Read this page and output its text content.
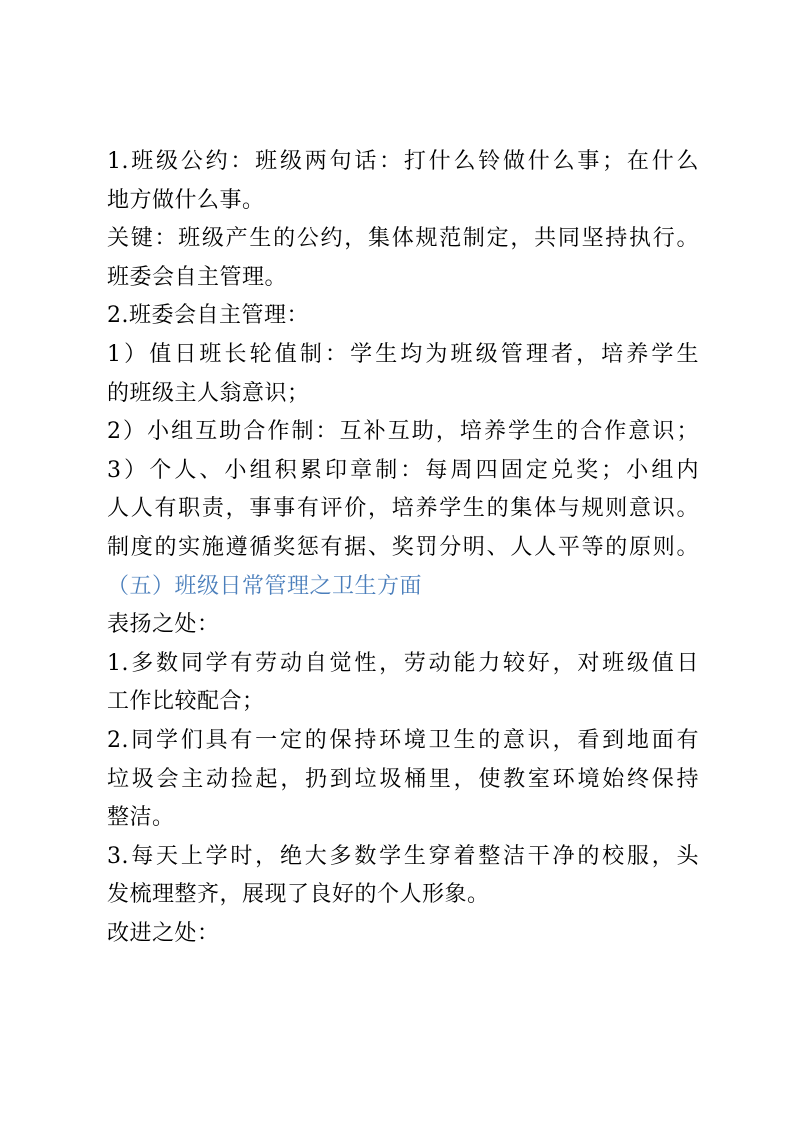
1.班级公约：班级两句话：打什么铃做什么事；在什么
地方做什么事。
关键：班级产生的公约，集体规范制定，共同坚持执行。
班委会自主管理。
2.班委会自主管理：
1）值日班长轮值制：学生均为班级管理者，培养学生
的班级主人翁意识；
2）小组互助合作制：互补互助，培养学生的合作意识；
3）个人、小组积累印章制：每周四固定兑奖；小组内
人人有职责，事事有评价，培养学生的集体与规则意识。
制度的实施遵循奖惩有据、奖罚分明、人人平等的原则。
（五）班级日常管理之卫生方面
表扬之处：
1.多数同学有劳动自觉性，劳动能力较好，对班级值日
工作比较配合；
2.同学们具有一定的保持环境卫生的意识，看到地面有
垃圾会主动捡起，扔到垃圾桶里，使教室环境始终保持
整洁。
3.每天上学时，绝大多数学生穿着整洁干净的校服，头
发梳理整齐，展现了良好的个人形象。
改进之处：
